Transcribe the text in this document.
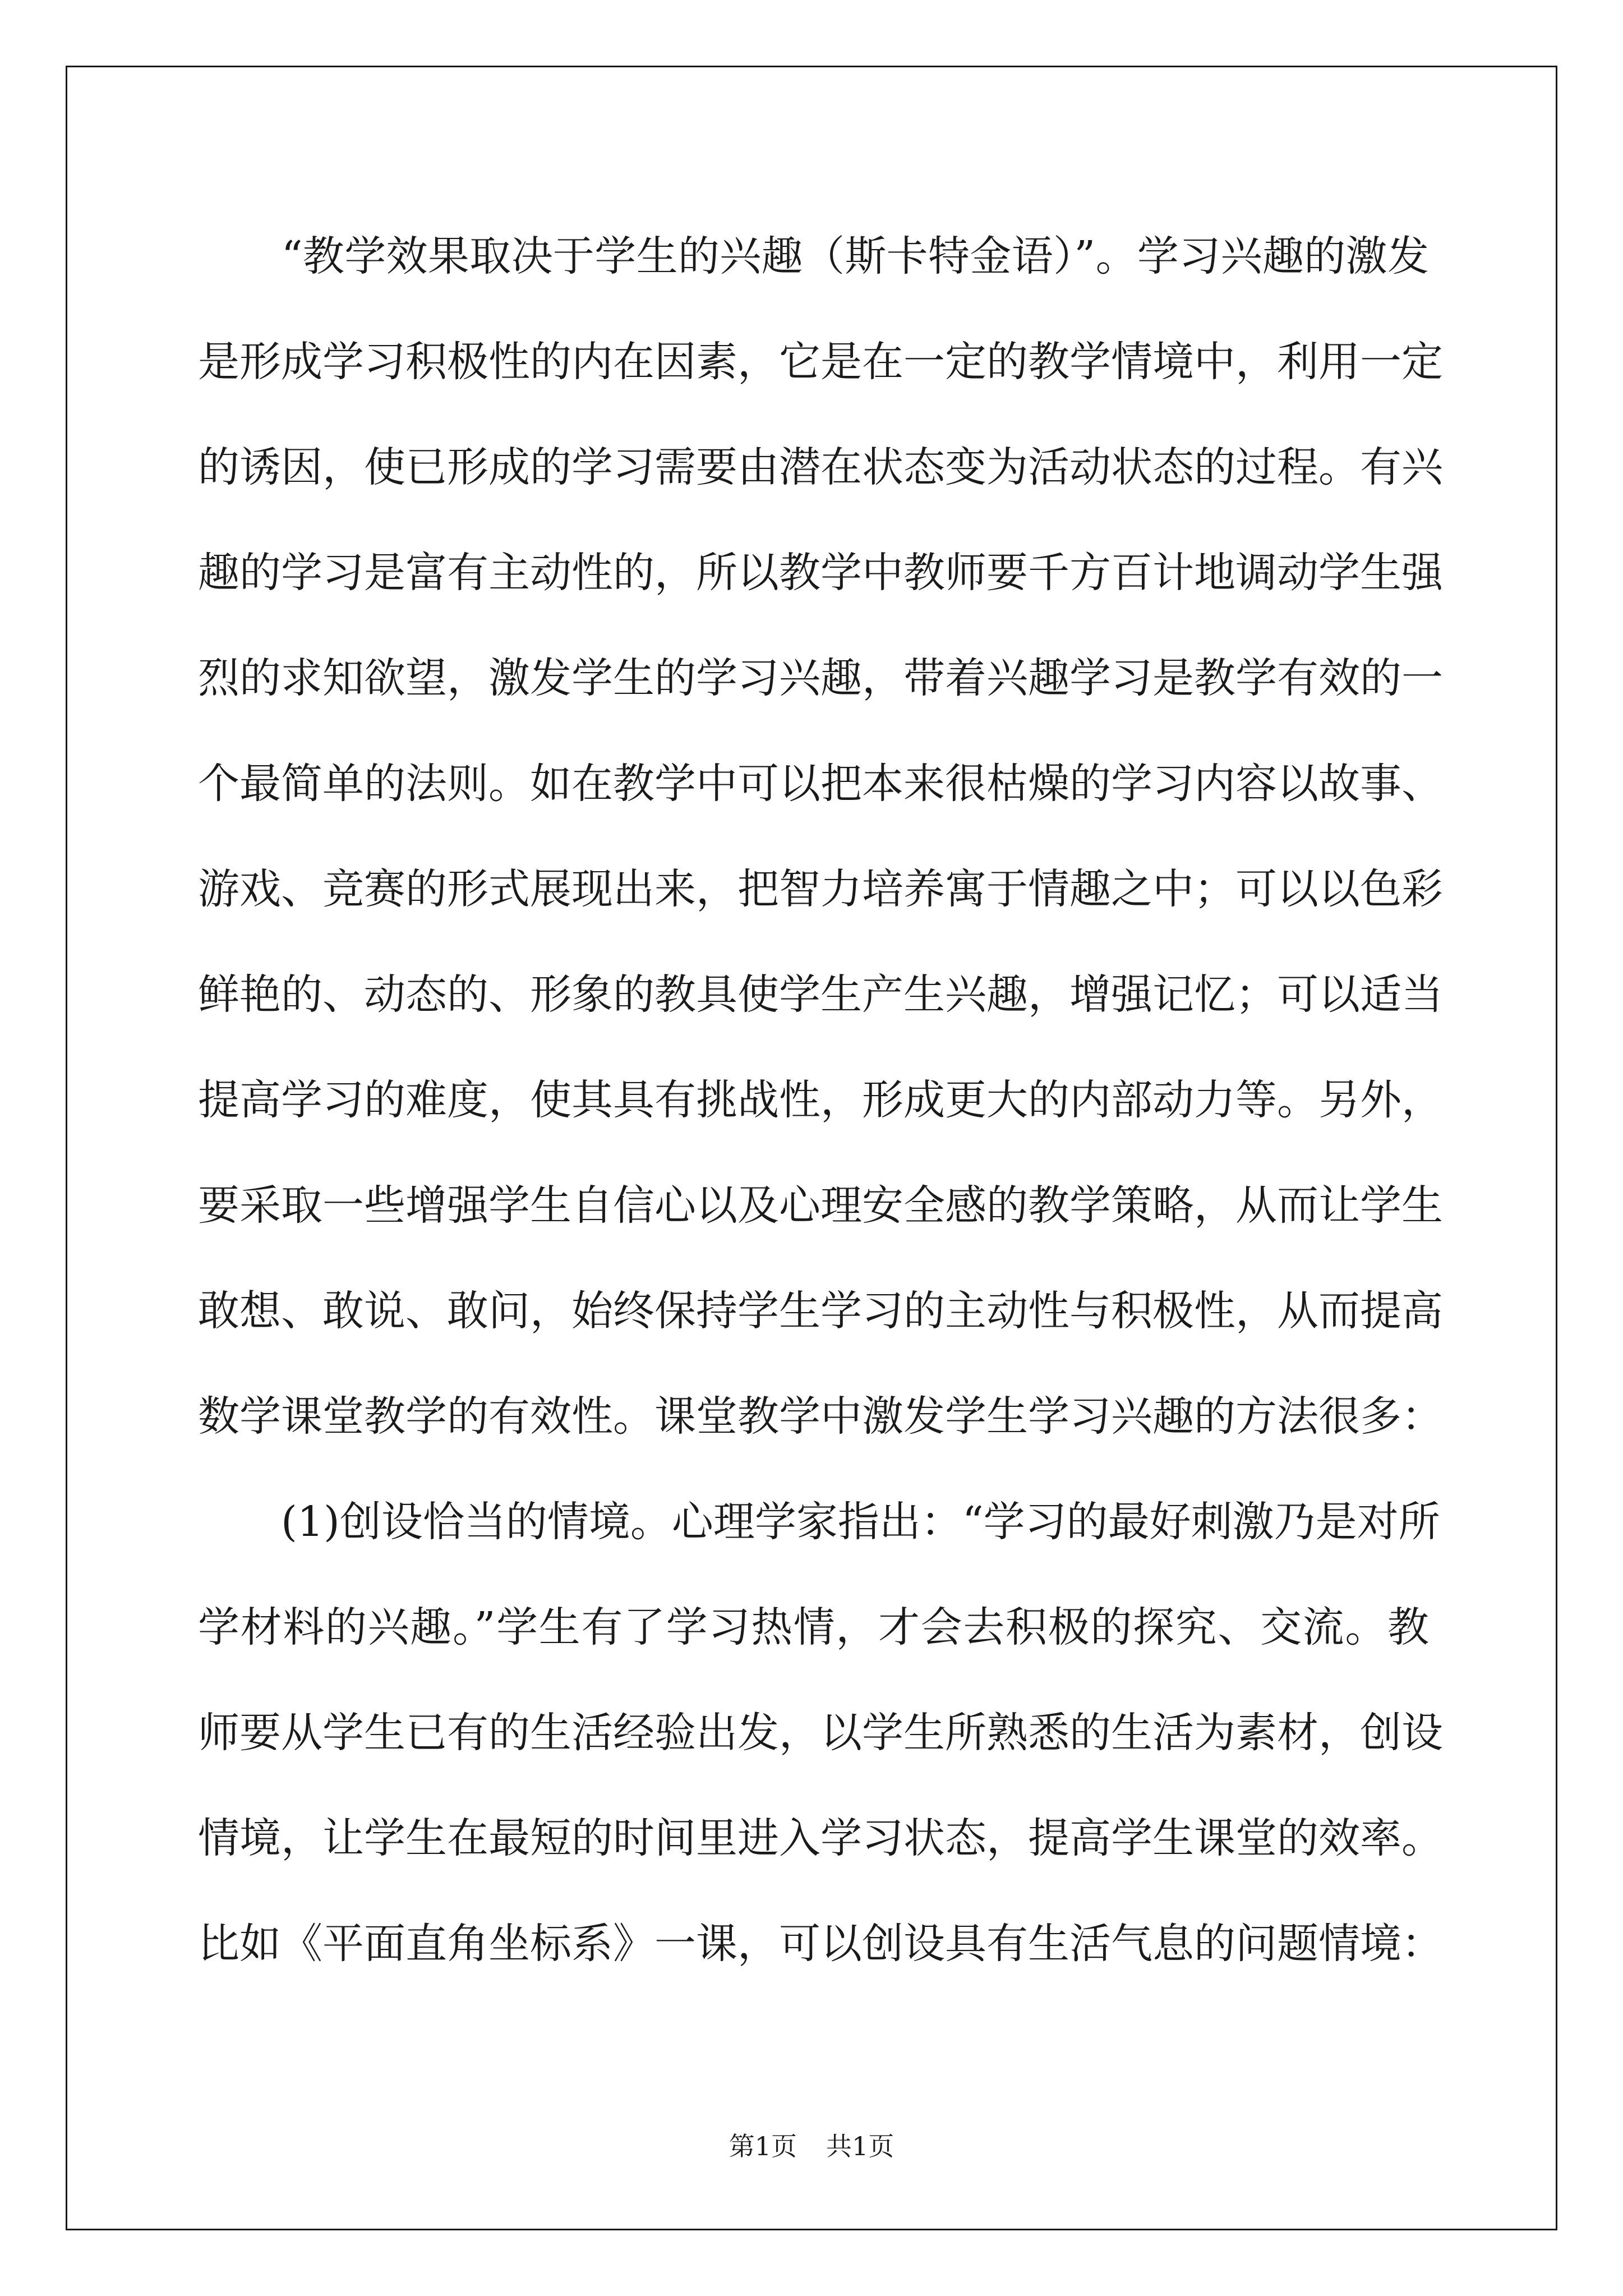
　　“教学效果取决于学生的兴趣（斯卡特金语）”。学习兴趣的激发
是形成学习积极性的内在因素，它是在一定的教学情境中，利用一定
的诱因，使已形成的学习需要由潜在状态变为活动状态的过程。有兴
趣的学习是富有主动性的，所以教学中教师要千方百计地调动学生强
烈的求知欲望，激发学生的学习兴趣，带着兴趣学习是教学有效的一
个最简单的法则。如在教学中可以把本来很枯燥的学习内容以故事、
游戏、竞赛的形式展现出来，把智力培养寓于情趣之中；可以以色彩
鲜艳的、动态的、形象的教具使学生产生兴趣，增强记忆；可以适当
提高学习的难度，使其具有挑战性，形成更大的内部动力等。另外，
要采取一些增强学生自信心以及心理安全感的教学策略，从而让学生
敢想、敢说、敢问，始终保持学生学习的主动性与积极性，从而提高
数学课堂教学的有效性。课堂教学中激发学生学习兴趣的方法很多：
　　(1)创设恰当的情境。心理学家指出：“学习的最好刺激乃是对所
学材料的兴趣。”学生有了学习热情，才会去积极的探究、交流。教
师要从学生已有的生活经验出发，以学生所熟悉的生活为素材，创设
情境，让学生在最短的时间里进入学习状态，提高学生课堂的效率。
比如《平面直角坐标系》一课，可以创设具有生活气息的问题情境：
第1页 共1页
